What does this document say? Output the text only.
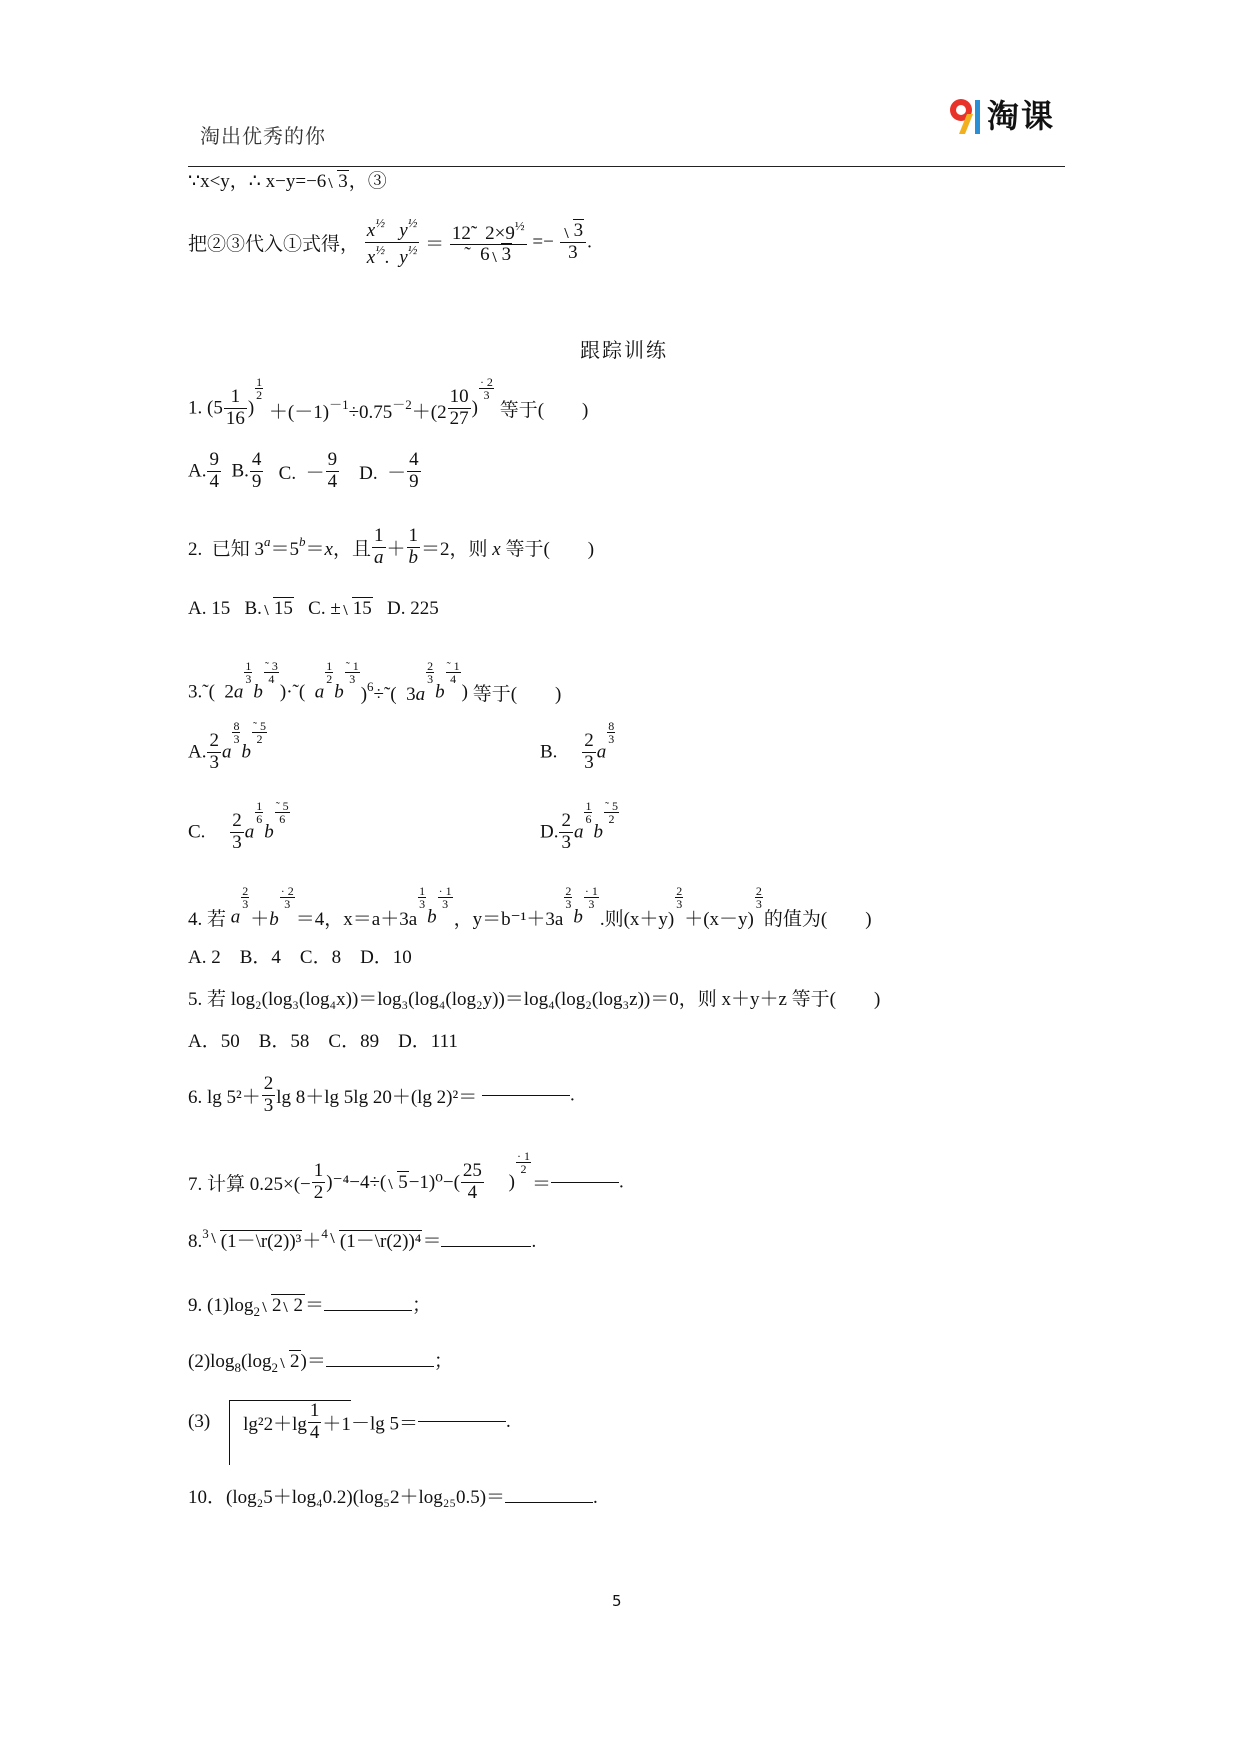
淘出优秀的你
淘课
∵x<y，∴ x−y=−6 3，③
把②③代入①式得， $\frac{x^{\frac{1}{2}} y^{\frac{1}{2}}}{x^{\frac{1}{2}}. y^{\frac{1}{2}}} = \frac{12̃ 2\times 9^{\frac{1}{2}}}{˜ 6 3} =- \frac{3}{3}$ .
跟踪训练
1. ($5 \frac{1}{16}$ )
$\frac{1}{2}$
$+(-1)^{-1}\div 0.75^{-2}+(2 \frac{10}{27}$ )
$\frac{\cdot 2}{3}$
等于(　　)
A. $\frac{9}{4} B$. $\frac{4}{9} C$.  － $\frac{9}{4} D$.  － $\frac{4}{9}$
2.  已知 $3^a=5^b=x$，且 $\frac{1}{a} + \frac{1}{b} =2$，则 x 等于(　　)
A. 15 B. 15 C. ± 15 D. 225
3.˜(  2a
$\frac{1}{3}$
b
$\frac{˜ 3}{4}$
)·˜(  a
$\frac{1}{2}$
b
$\frac{˜ 1}{3}$
)$^6$÷˜(  3a
$\frac{2}{3}$
b
$\frac{˜ 1}{4}$
) 等于(　　)
A. $\frac{2}{3}$ a
$\frac{8}{3}$
b
$\frac{˜ 5}{2}$
B. $\frac{2}{3}$ a
$\frac{8}{3}$
C. $\frac{2}{3}$ a
$\frac{1}{6}$
b
$\frac{˜ 5}{6}$
D. $\frac{2}{3}$ a
$\frac{1}{6}$
b
$\frac{˜ 5}{2}$
4. 若 a
$\frac{2}{3}$
＋b
$\frac{\cdot 2}{3}$
＝4，x＝a＋3a
$\frac{1}{3}$
b
$\frac{\cdot 1}{3}$
，y＝b⁻¹＋3a
$\frac{2}{3}$
b
$\frac{\cdot 1}{3}$
.则(x＋y)
$\frac{2}{3}$
＋(x－y)
$\frac{2}{3}$
的值为(　　)
A. 2　B．4　C．8　D．10
5. 若 log₂(log₃(log₄x))＝log₃(log₄(log₂y))＝log₄(log₂(log₃z))＝0，则 x＋y＋z 等于(　　)
A．50　B．58　C．89　D．111
6. $\lg 5^2+ \frac{2}{3}$ lg 8＋lg 5lg 20＋(lg 2)²＝	.
7. 计算 $0.25\times(- \frac{1}{2} )^{-4}-4\div$( $5-1)^0-( \frac{25}{4}$ )
$\frac{\cdot 1}{2}$
＝	.
8.$^3$ (1－\r(2))³＋$^4$ (1－\r(2))⁴＝	.
9. $(1)\log_2$ 2 2 ＝	；
$(2)\log_8(\log_2$ 2)＝	；
(3) $\lg^22+\lg \frac{1}{4} +1-\lg$ 5＝	.
10．(log₂5＋log₄0.2)(log₅2＋log₂₅0.5)＝	.
5
